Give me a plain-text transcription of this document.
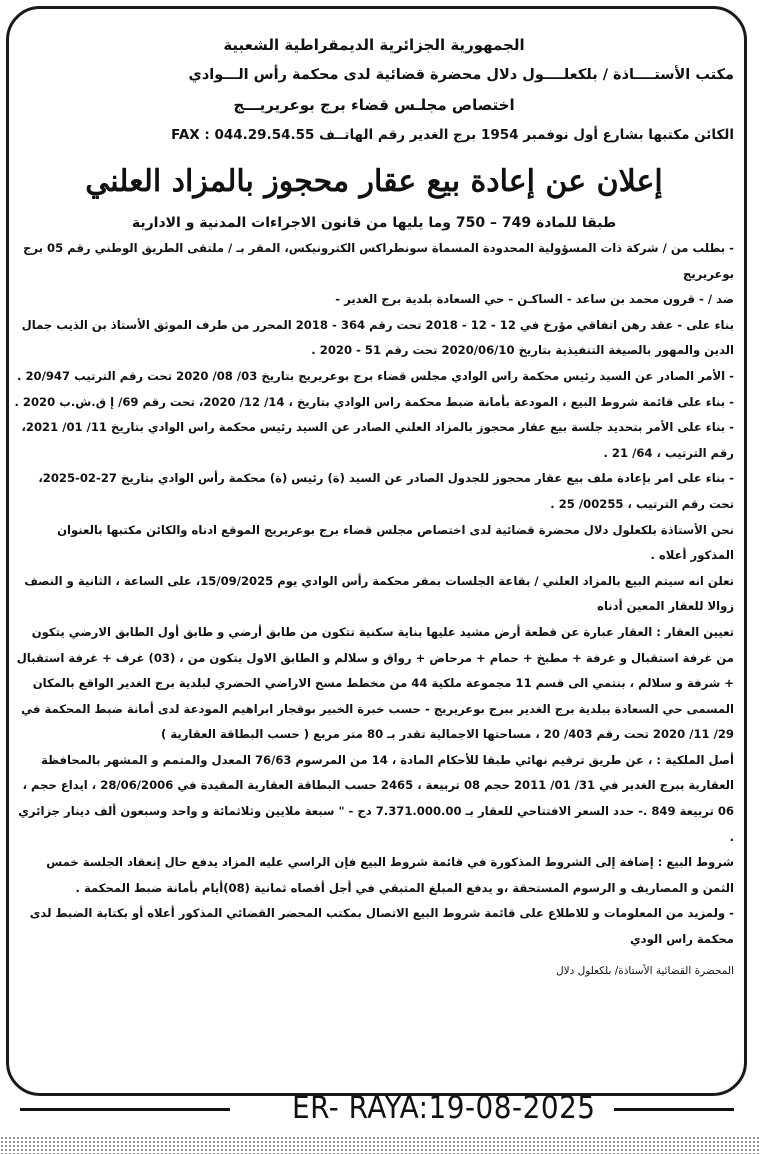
الجمهورية الجزائرية الديمقراطية الشعبية
مكتب الأستــــاذة / بلكعلــــول دلال محضرة قضائية لدى محكمة رأس الـــوادي
اختصاص مجلـس قضاء برج بوعريريـــج
الكائن مكتبها بشارع أول نوفمبر 1954 برج الغدير رقم الهاتــف FAX : 044.29.54.55
إعلان عن إعادة بيع عقار محجوز بالمزاد العلني
طبقا للمادة 749 – 750 وما يليها من قانون الاجراءات المدنية و الادارية

- بطلب من / شركة ذات المسؤولية المحدودة المسماة سونطراكس الكترونيكس، المقر بـ / ملتقى الطريق الوطني رقم 05 برج بوعريريج

ضد / - قرون محمد بن ساعد - الساكـن - حي السعادة بلدية برج الغدير -

بناء على - عقد رهن اتفاقي مؤرخ في 12 - 12 - 2018 تحت رقم 364 - 2018 المحرر من طرف الموثق الأستاذ بن الذيب جمال الدين والمهور بالصيغة التنفيذية بتاريخ 2020/06/10 تحت رقم 51 - 2020 .

- الأمر الصادر عن السيد رئيس محكمة راس الوادي مجلس قضاء برج بوعريريج بتاريخ 03/ 08/ 2020 تحت رقم الترتيب 20/947 .

- بناء على قائمة شروط البيع ، المودعة بأمانة ضبط محكمة راس الوادي بتاريخ ، 14/ 12/ 2020، تحت رقم 69/ إ ق.ش.ب 2020 .

- بناء على الأمر بتحديد جلسة بيع عقار محجوز بالمزاد العلني الصادر عن السيد رئيس محكمة راس الوادي بتاريخ 11/ 01/ 2021، رقم الترتيب ، 64/ 21 .

- بناء على امر بإعادة ملف بيع عقار محجوز للجدول الصادر عن السيد (ة) رئيس (ة) محكمة رأس الوادي بتاريخ 27-02-2025، تحت رقم الترتيب ، 00255/ 25 .

نحن الأستاذة بلكعلول دلال محضرة قضائية لدى اختصاص مجلس قضاء برج بوعريريج الموقع ادناه والكائن مكتبها بالعنوان المذكور أعلاه .

تعلن انه سيتم البيع بالمزاد العلني / بقاعة الجلسات بمقر محكمة رأس الوادي يوم 15/09/2025، على الساعة ، الثانية و النصف زوالا للعقار المعين أدناه

تعيين العقار : العقار عبارة عن قطعة أرض مشيد عليها بناية سكنية تتكون من طابق أرضي و طابق أول الطابق الارضي يتكون من غرفة استقبال و غرفة + مطبخ + حمام + مرحاض + رواق و سلالم و الطابق الاول يتكون من ، (03) غرف + غرفة استقبال + شرفة و سلالم ، بنتمي الى قسم 11 مجموعة ملكية 44 من مخطط مسح الاراضي الحضري لبلدية برج الغدير الواقع بالمكان المسمى حي السعادة ببلدية برج الغدير ببرج بوعريريج - حسب خبرة الخبير بوقجار ابراهيم المودعة لدى أمانة ضبط المحكمة في 29/ 11/ 2020 تحت رقم 403/ 20 ، مساحتها الاجمالية تقدر بـ 80 متر مربع ( حسب البطاقة العقارية )

أصل الملكية : ، عن طريق ترقيم نهائي طبقا للأحكام المادة ، 14 من المرسوم 76/63 المعدل والمتمم و المشهر بالمحافظة العقارية ببرج الغدير في 31/ 01/ 2011 حجم 08 تربيعة ، 2465 حسب البطاقة العقارية المقيدة في 28/06/2006 ، ايداع حجم ، 06 تربيعة 849 .- حدد السعر الافتتاحي للعقار بـ 7.371.000.00 دج - " سبعة ملايين وثلاثمائة و واحد وسبعون ألف دينار جزائري .

شروط البيع : إضافة إلى الشروط المذكورة في قائمة شروط البيع فإن الراسي عليه المزاد يدفع حال إنعقاد الجلسة خمس الثمن و المصاريف و الرسوم المستحقة ،و يدفع المبلغ المتبقي في أجل أقصاه ثمانية (08)أيام بأمانة ضبط المحكمة .

- ولمزيد من المعلومات و للاطلاع على قائمة شروط البيع الاتصال بمكتب المحضر القضائي المذكور أعلاه أو بكتابة الضبط لدى محكمة راس الودي

المحضرة القضائية الأستاذة/ بلكعلول دلال
ER- RAYA:19-08-2025
